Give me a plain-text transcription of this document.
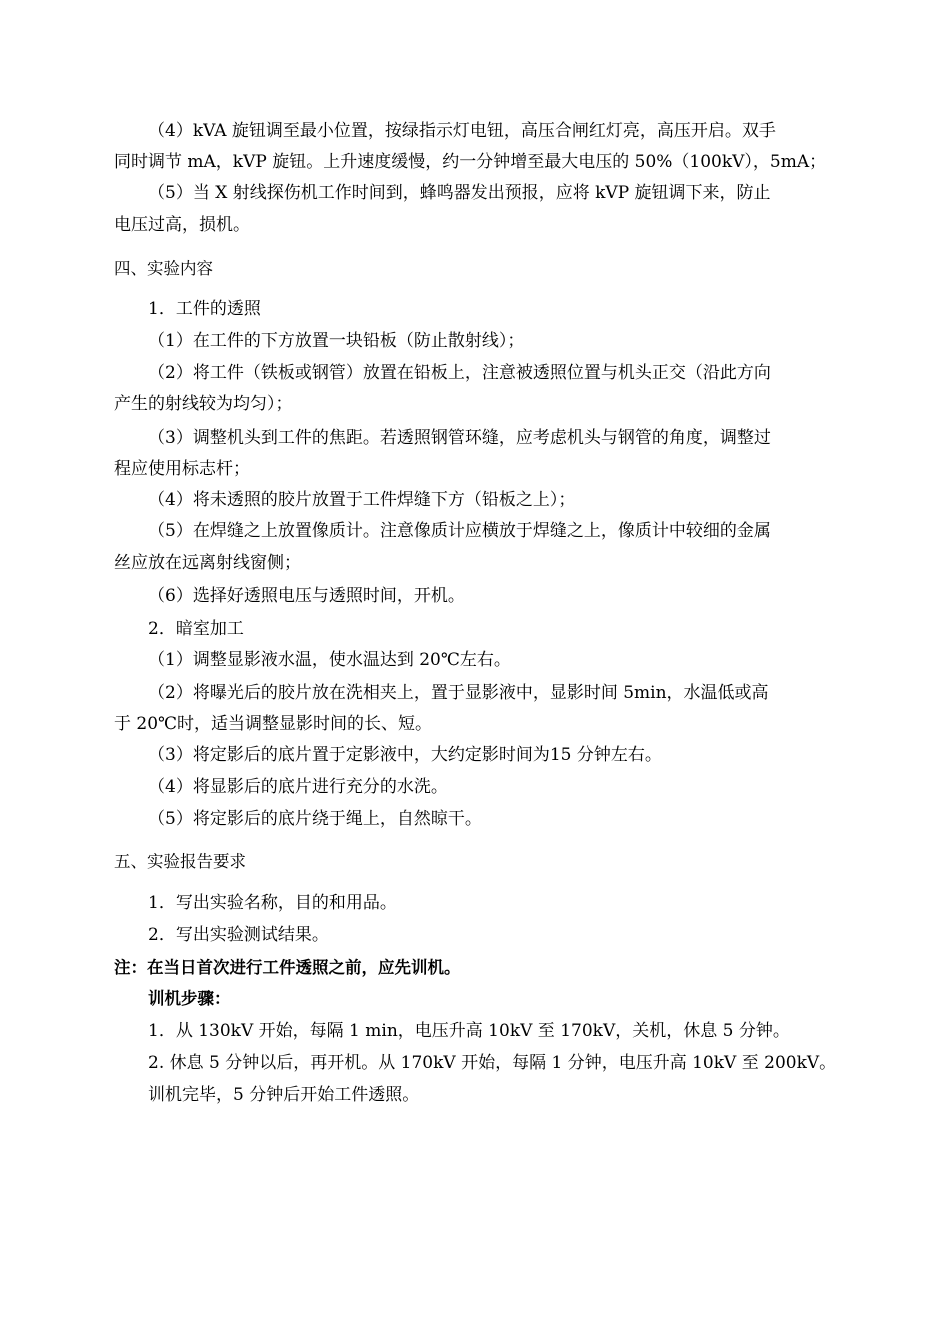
（4）kVA 旋钮调至最小位置，按绿指示灯电钮，高压合闸红灯亮，高压开启。双手
同时调节 mA，kVP 旋钮。上升速度缓慢，约一分钟增至最大电压的 50%（100kV），5mA；
（5）当 X 射线探伤机工作时间到，蜂鸣器发出预报，应将 kVP 旋钮调下来，防止
电压过高，损机。
四、实验内容
1．工件的透照
（1）在工件的下方放置一块铅板（防止散射线）；
（2）将工件（铁板或钢管）放置在铅板上，注意被透照位置与机头正交（沿此方向
产生的射线较为均匀）；
（3）调整机头到工件的焦距。若透照钢管环缝，应考虑机头与钢管的角度，调整过
程应使用标志杆；
（4）将未透照的胶片放置于工件焊缝下方（铅板之上）；
（5）在焊缝之上放置像质计。注意像质计应横放于焊缝之上，像质计中较细的金属
丝应放在远离射线窗侧；
（6）选择好透照电压与透照时间，开机。
2．暗室加工
（1）调整显影液水温，使水温达到 20℃左右。
（2）将曝光后的胶片放在洗相夹上，置于显影液中，显影时间 5min，水温低或高
于 20℃时，适当调整显影时间的长、短。
（3）将定影后的底片置于定影液中，大约定影时间为15 分钟左右。
（4）将显影后的底片进行充分的水洗。
（5）将定影后的底片绕于绳上，自然晾干。
五、实验报告要求
1．写出实验名称，目的和用品。
2．写出实验测试结果。
注：在当日首次进行工件透照之前，应先训机。
训机步骤：
1．从 130kV 开始，每隔 1 min，电压升高 10kV 至 170kV，关机，休息 5 分钟。
2. 休息 5 分钟以后，再开机。从 170kV 开始，每隔 1 分钟，电压升高 10kV 至 200kV。
训机完毕，5 分钟后开始工件透照。
